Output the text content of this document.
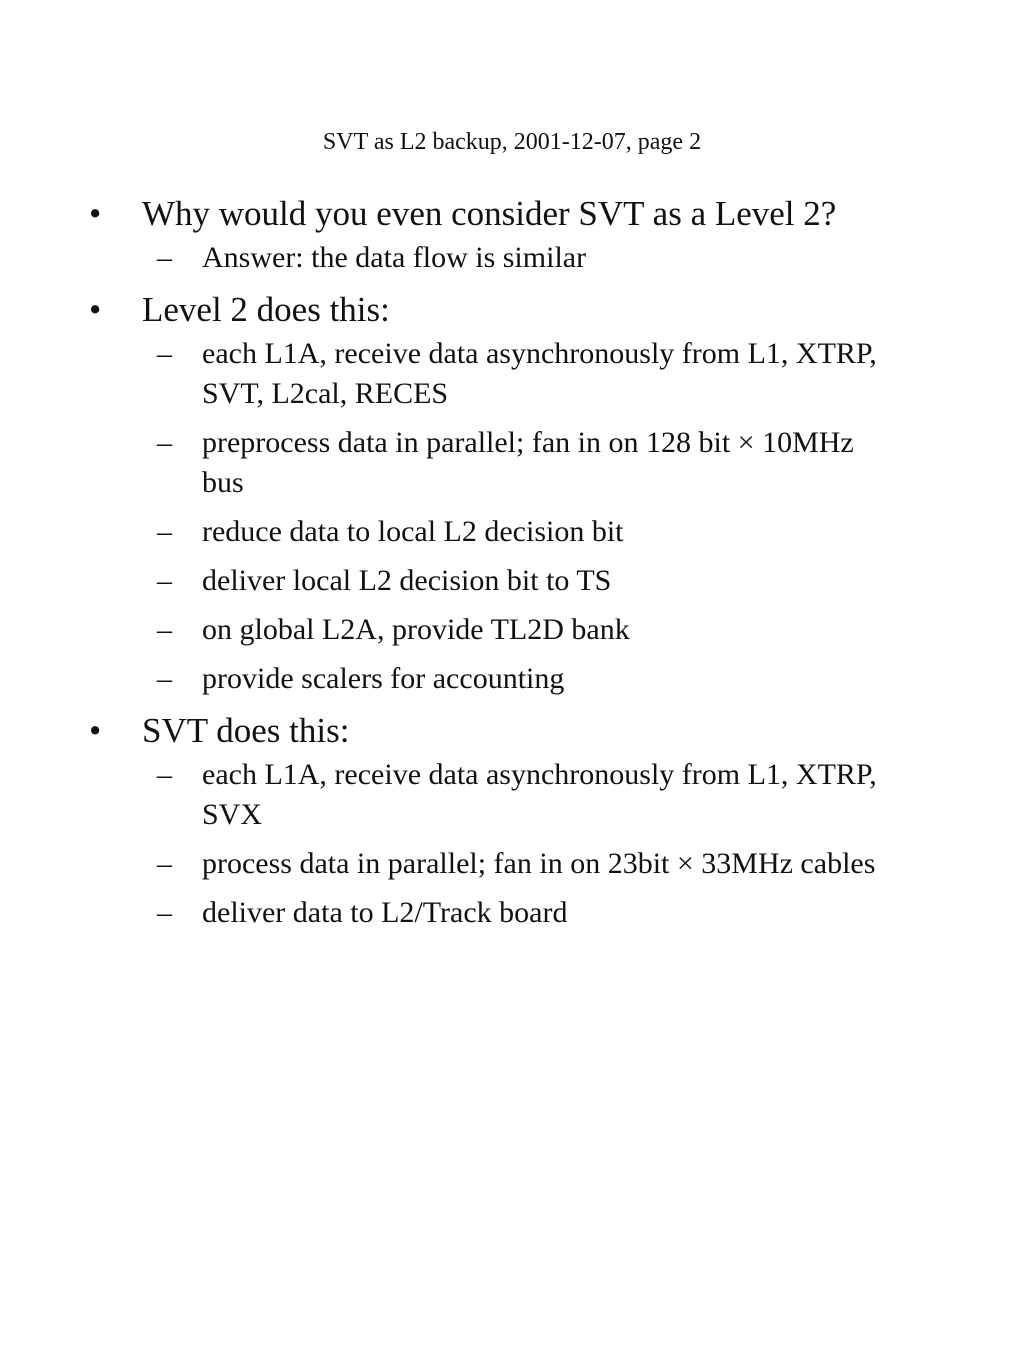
SVT as L2 backup, 2001-12-07, page 2
• Why would you even consider SVT as a Level 2?
– Answer: the data flow is similar
• Level 2 does this:
– each L1A, receive data asynchronously from L1, XTRP, SVT, L2cal, RECES
– preprocess data in parallel; fan in on 128 bit × 10MHz bus
– reduce data to local L2 decision bit
– deliver local L2 decision bit to TS
– on global L2A, provide TL2D bank
– provide scalers for accounting
• SVT does this:
– each L1A, receive data asynchronously from L1, XTRP, SVX
– process data in parallel; fan in on 23bit × 33MHz cables
– deliver data to L2/Track board
